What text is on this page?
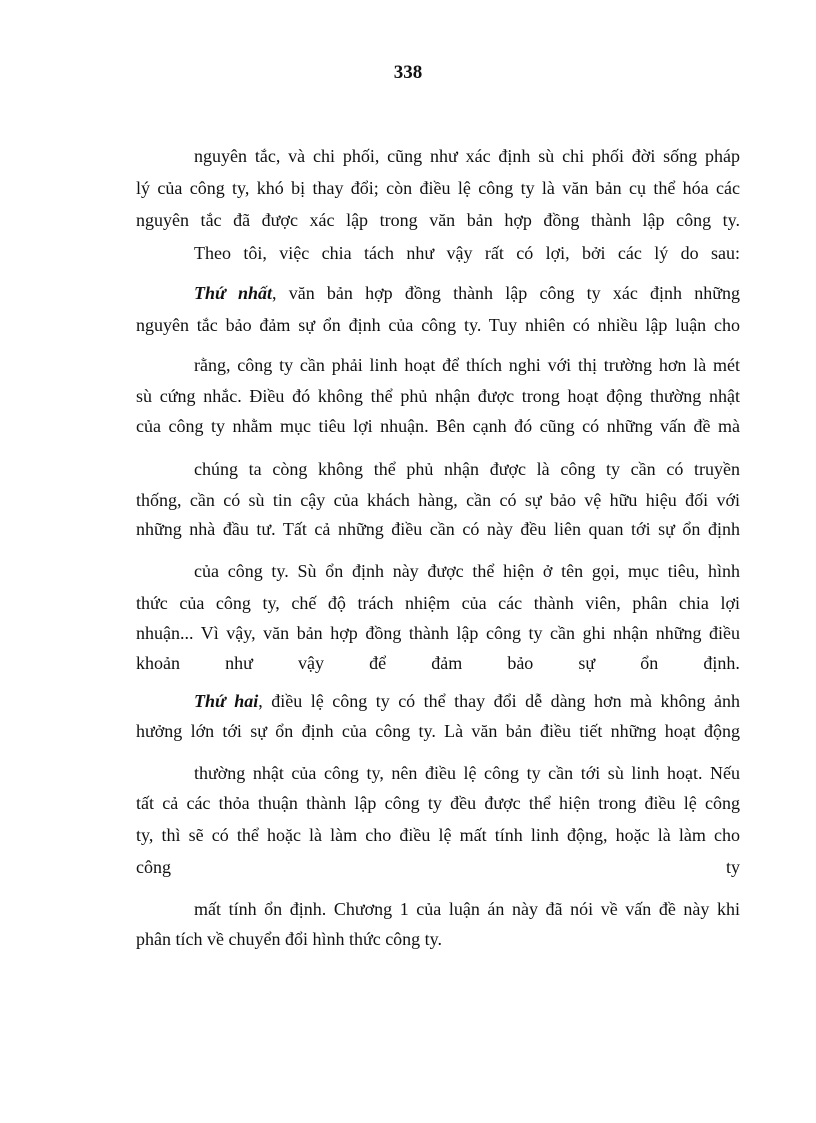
338
nguyên tắc, và chi phối, cũng như xác định sù chi phối đời sống pháp
lý của công ty, khó bị thay đổi; còn điều lệ công ty là văn bản cụ thể hóa các
nguyên tắc đã được xác lập trong văn bản hợp đồng thành lập công ty.
Theo tôi, việc chia tách như vậy rất có lợi, bởi các lý do sau:
Thứ nhất, văn bản hợp đồng thành lập công ty xác định những
nguyên tắc bảo đảm sự ổn định của công ty. Tuy nhiên có nhiều lập luận cho
rằng, công ty cần phải linh hoạt để thích nghi với thị trường hơn là mét
sù cứng nhắc. Điều đó không thể phủ nhận được trong hoạt động thường nhật
của công ty nhằm mục tiêu lợi nhuận. Bên cạnh đó cũng có những vấn đề mà
chúng ta còng không thể phủ nhận được là công ty cần có truyền
thống, cần có sù tin cậy của khách hàng, cần có sự bảo vệ hữu hiệu đối với
những nhà đầu tư. Tất cả những điều cần có này đều liên quan tới sự ổn định
của công ty. Sù ổn định này được thể hiện ở tên gọi, mục tiêu, hình
thức của công ty, chế độ trách nhiệm của các thành viên, phân chia lợi
nhuận... Vì vậy, văn bản hợp đồng thành lập công ty cần ghi nhận những điều
khoản	như	vậy	để	đảm	bảo	sự	ổn	định.
Thứ hai, điều lệ công ty có thể thay đổi dễ dàng hơn mà không ảnh
hưởng lớn tới sự ổn định của công ty. Là văn bản điều tiết những hoạt động
thường nhật của công ty, nên điều lệ công ty cần tới sù linh hoạt. Nếu
tất cả các thỏa thuận thành lập công ty đều được thể hiện trong điều lệ công
ty, thì sẽ có thể hoặc là làm cho điều lệ mất tính linh động, hoặc là làm cho
công	ty
mất tính ổn định. Chương 1 của luận án này đã nói về vấn đề này khi
phân tích về chuyển đổi hình thức công ty.
